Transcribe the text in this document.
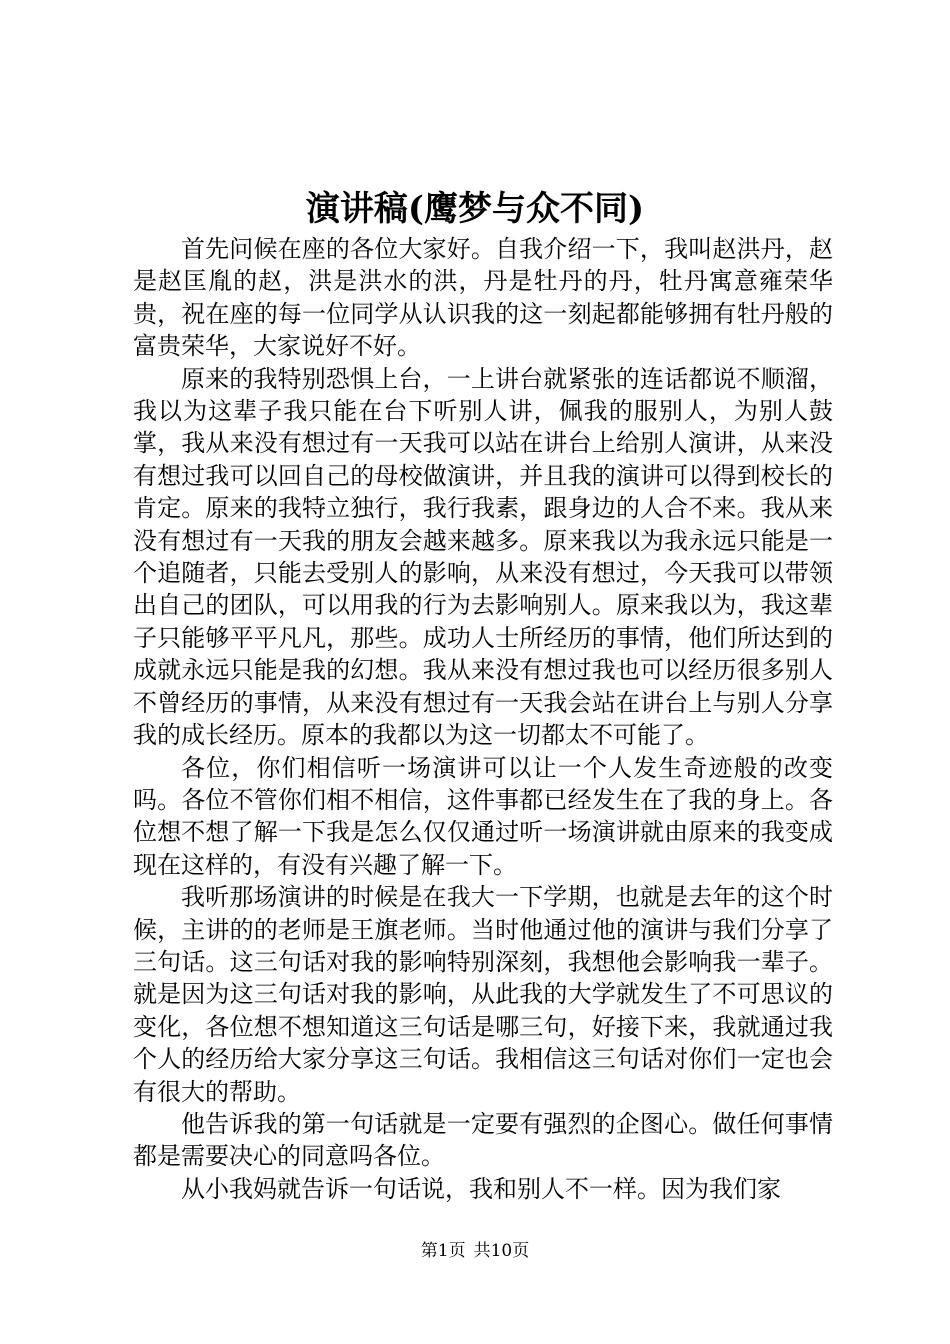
演讲稿(鹰梦与众不同)

首先问候在座的各位大家好。自我介绍一下，我叫赵洪丹，赵是赵匡胤的赵，洪是洪水的洪，丹是牡丹的丹，牡丹寓意雍荣华贵，祝在座的每一位同学从认识我的这一刻起都能够拥有牡丹般的富贵荣华，大家说好不好。

原来的我特别恐惧上台，一上讲台就紧张的连话都说不顺溜，我以为这辈子我只能在台下听别人讲，佩我的服别人，为别人鼓掌，我从来没有想过有一天我可以站在讲台上给别人演讲，从来没有想过我可以回自己的母校做演讲，并且我的演讲可以得到校长的肯定。原来的我特立独行，我行我素，跟身边的人合不来。我从来没有想过有一天我的朋友会越来越多。原来我以为我永远只能是一个追随者，只能去受别人的影响，从来没有想过，今天我可以带领出自己的团队，可以用我的行为去影响别人。原来我以为，我这辈子只能够平平凡凡，那些。成功人士所经历的事情，他们所达到的成就永远只能是我的幻想。我从来没有想过我也可以经历很多别人不曾经历的事情，从来没有想过有一天我会站在讲台上与别人分享我的成长经历。原本的我都以为这一切都太不可能了。

各位，你们相信听一场演讲可以让一个人发生奇迹般的改变吗。各位不管你们相不相信，这件事都已经发生在了我的身上。各位想不想了解一下我是怎么仅仅通过听一场演讲就由原来的我变成现在这样的，有没有兴趣了解一下。

我听那场演讲的时候是在我大一下学期，也就是去年的这个时候，主讲的的老师是王旗老师。当时他通过他的演讲与我们分享了三句话。这三句话对我的影响特别深刻，我想他会影响我一辈子。就是因为这三句话对我的影响，从此我的大学就发生了不可思议的变化，各位想不想知道这三句话是哪三句，好接下来，我就通过我个人的经历给大家分享这三句话。我相信这三句话对你们一定也会有很大的帮助。

他告诉我的第一句话就是一定要有强烈的企图心。做任何事情都是需要决心的同意吗各位。

从小我妈就告诉一句话说，我和别人不一样。因为我们家

第1页 共10页
